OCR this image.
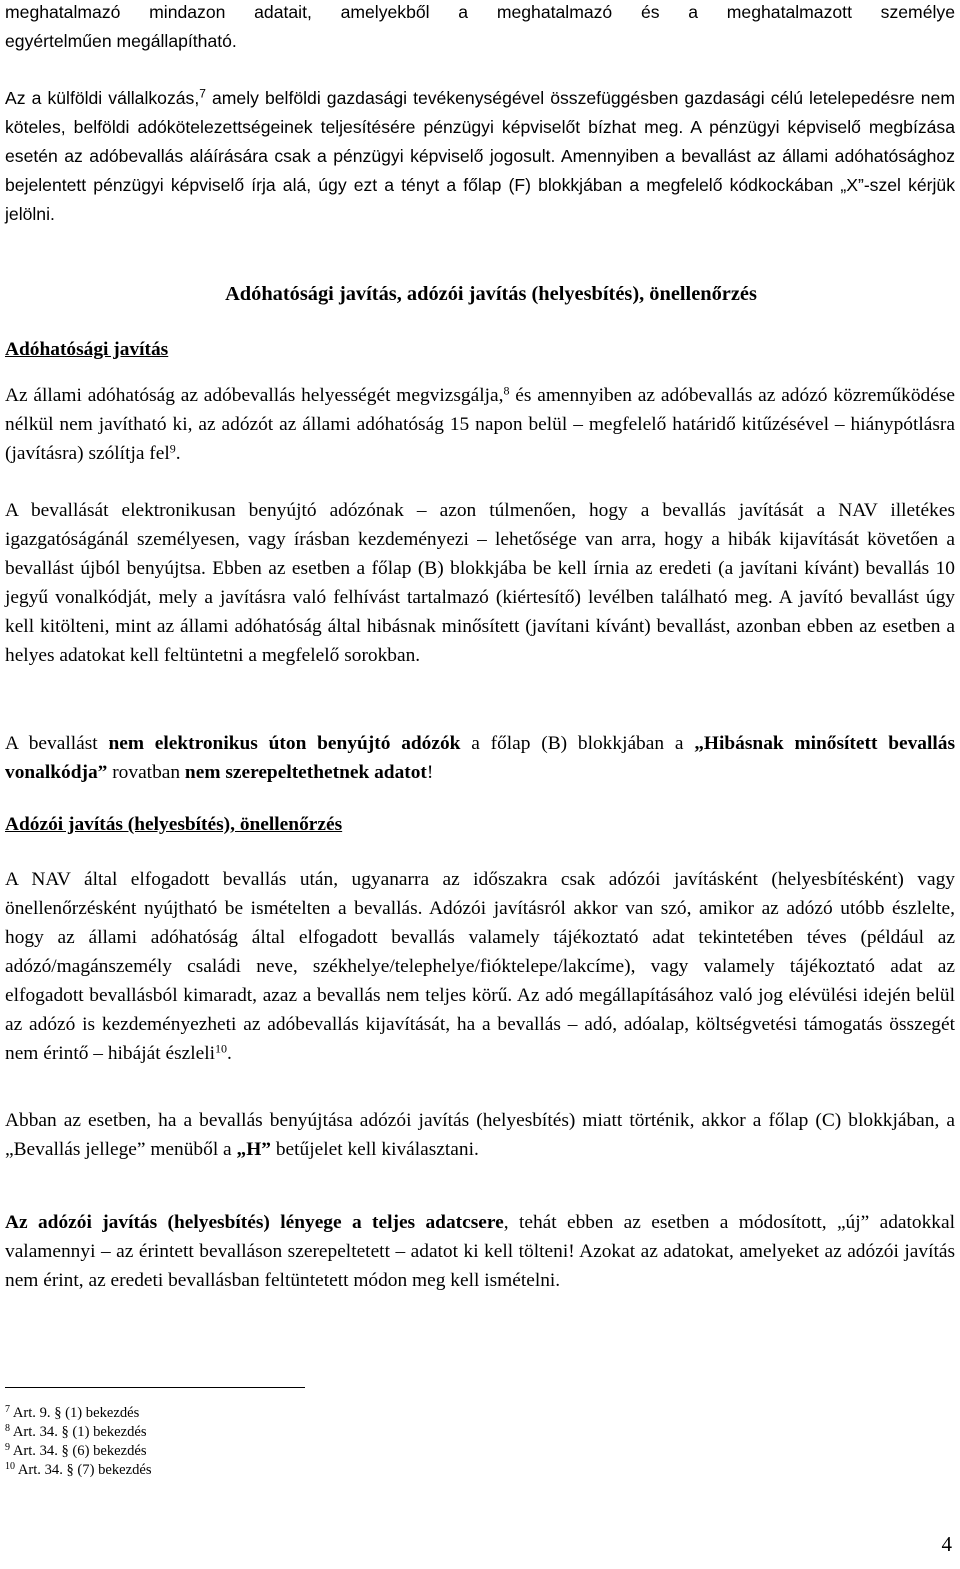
meghatalmazó mindazon adatait, amelyekből a meghatalmazó és a meghatalmazott személye

egyértelműen megállapítható.

Az a külföldi vállalkozás,$^7$ amely belföldi gazdasági tevékenységével összefüggésben gazdasági célú letelepedésre nem köteles, belföldi adókötelezettségeinek teljesítésére pénzügyi képviselőt bízhat meg. A pénzügyi képviselő megbízása esetén az adóbevallás aláírására csak a pénzügyi képviselő jogosult. Amennyiben a bevallást az állami adóhatósághoz bejelentett pénzügyi képviselő írja alá, úgy ezt a tényt a főlap (F) blokkjában a megfelelő kódkockában „X”-szel kérjük jelölni.

Adóhatósági javítás, adózói javítás (helyesbítés), önellenőrzés
Adóhatósági javítás

Az állami adóhatóság az adóbevallás helyességét megvizsgálja,$^8$ és amennyiben az adóbevallás az adózó közreműködése nélkül nem javítható ki, az adózót az állami adóhatóság 15 napon belül – megfelelő határidő kitűzésével – hiánypótlásra (javításra) szólítja fel$^9$.

A bevallását elektronikusan benyújtó adózónak – azon túlmenően, hogy a bevallás javítását a NAV illetékes igazgatóságánál személyesen, vagy írásban kezdeményezi – lehetősége van arra, hogy a hibák kijavítását követően a bevallást újból benyújtsa. Ebben az esetben a főlap (B) blokkjába be kell írnia az eredeti (a javítani kívánt) bevallás 10 jegyű vonalkódját, mely a javításra való felhívást tartalmazó (kiértesítő) levélben található meg. A javító bevallást úgy kell kitölteni, mint az állami adóhatóság által hibásnak minősített (javítani kívánt) bevallást, azonban ebben az esetben a helyes adatokat kell feltüntetni a megfelelő sorokban.

A bevallást nem elektronikus úton benyújtó adózók a főlap (B) blokkjában a „Hibásnak minősített bevallás vonalkódja” rovatban nem szerepeltethetnek adatot!

Adózói javítás (helyesbítés), önellenőrzés

A NAV által elfogadott bevallás után, ugyanarra az időszakra csak adózói javításként (helyesbítésként) vagy önellenőrzésként nyújtható be ismételten a bevallás. Adózói javításról akkor van szó, amikor az adózó utóbb észlelte, hogy az állami adóhatóság által elfogadott bevallás valamely tájékoztató adat tekintetében téves (például az adózó/magánszemély családi neve, székhelye/telephelye/fióktelepe/lakcíme), vagy valamely tájékoztató adat az elfogadott bevallásból kimaradt, azaz a bevallás nem teljes körű. Az adó megállapításához való jog elévülési idején belül az adózó is kezdeményezheti az adóbevallás kijavítását, ha a bevallás – adó, adóalap, költségvetési támogatás összegét nem érintő – hibáját észleli$^{10}$.

Abban az esetben, ha a bevallás benyújtása adózói javítás (helyesbítés) miatt történik, akkor a főlap (C) blokkjában, a „Bevallás jellege” menüből a „H” betűjelet kell kiválasztani.

Az adózói javítás (helyesbítés) lényege a teljes adatcsere, tehát ebben az esetben a módosított, „új” adatokkal valamennyi – az érintett bevalláson szerepeltetett – adatot ki kell tölteni! Azokat az adatokat, amelyeket az adózói javítás nem érint, az eredeti bevallásban feltüntetett módon meg kell ismételni.

$^7$ Art. 9. § (1) bekezdés
$^8$ Art. 34. § (1) bekezdés
$^9$ Art. 34. § (6) bekezdés
$^{10}$ Art. 34. § (7) bekezdés
4
